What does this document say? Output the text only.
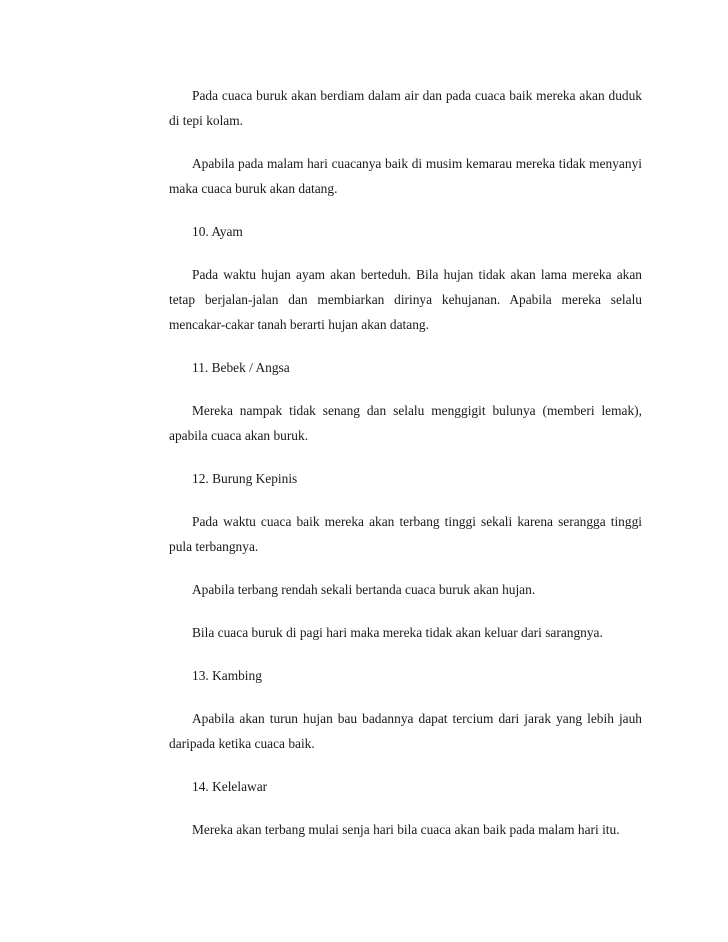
Pada cuaca buruk akan berdiam dalam air dan pada cuaca baik mereka akan duduk di tepi kolam.

Apabila pada malam hari cuacanya baik di musim kemarau mereka tidak menyanyi maka cuaca buruk akan datang.

10. Ayam

Pada waktu hujan ayam akan berteduh. Bila hujan tidak akan lama mereka akan tetap berjalan-jalan dan membiarkan dirinya kehujanan. Apabila mereka selalu mencakar-cakar tanah berarti hujan akan datang.

11. Bebek / Angsa

Mereka nampak tidak senang dan selalu menggigit bulunya (memberi lemak), apabila cuaca akan buruk.

12. Burung Kepinis

Pada waktu cuaca baik mereka akan terbang tinggi sekali karena serangga tinggi pula terbangnya.

Apabila terbang rendah sekali bertanda cuaca buruk akan hujan.

Bila cuaca buruk di pagi hari maka mereka tidak akan keluar dari sarangnya.

13. Kambing

Apabila akan turun hujan bau badannya dapat tercium dari jarak yang lebih jauh daripada ketika cuaca baik.

14. Kelelawar

Mereka akan terbang mulai senja hari bila cuaca akan baik pada malam hari itu.
